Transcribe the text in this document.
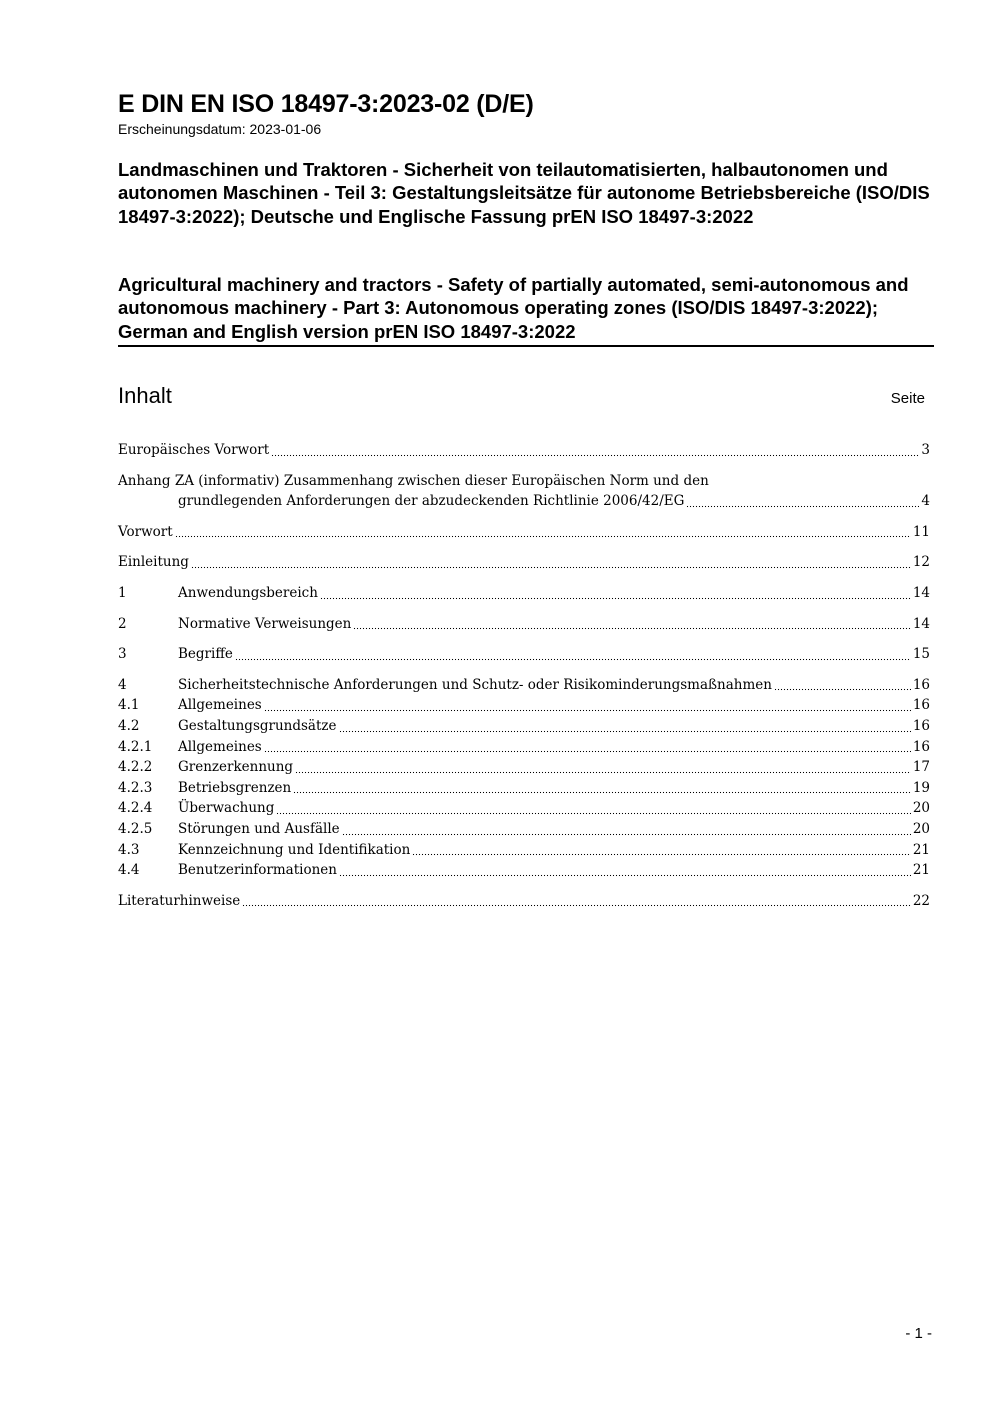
E DIN EN ISO 18497-3:2023-02 (D/E)
Erscheinungsdatum: 2023-01-06
Landmaschinen und Traktoren - Sicherheit von teilautomatisierten, halbautonomen und autonomen Maschinen - Teil 3: Gestaltungsleitsätze für autonome Betriebsbereiche (ISO/DIS 18497-3:2022); Deutsche und Englische Fassung prEN ISO 18497-3:2022
Agricultural machinery and tractors - Safety of partially automated, semi-autonomous and autonomous machinery - Part 3: Autonomous operating zones (ISO/DIS 18497-3:2022); German and English version prEN ISO 18497-3:2022
Inhalt	Seite
Europäisches Vorwort	3
Anhang ZA (informativ) Zusammenhang zwischen dieser Europäischen Norm und den
grundlegenden Anforderungen der abzudeckenden Richtlinie 2006/42/EG	4
Vorwort	11
Einleitung	12
1	Anwendungsbereich	14
2	Normative Verweisungen	14
3	Begriffe	15
4	Sicherheitstechnische Anforderungen und Schutz- oder Risikominderungsmaßnahmen	16
4.1	Allgemeines	16
4.2	Gestaltungsgrundsätze	16
4.2.1	Allgemeines	16
4.2.2	Grenzerkennung	17
4.2.3	Betriebsgrenzen	19
4.2.4	Überwachung	20
4.2.5	Störungen und Ausfälle	20
4.3	Kennzeichnung und Identifikation	21
4.4	Benutzerinformationen	21
Literaturhinweise	22
- 1 -
